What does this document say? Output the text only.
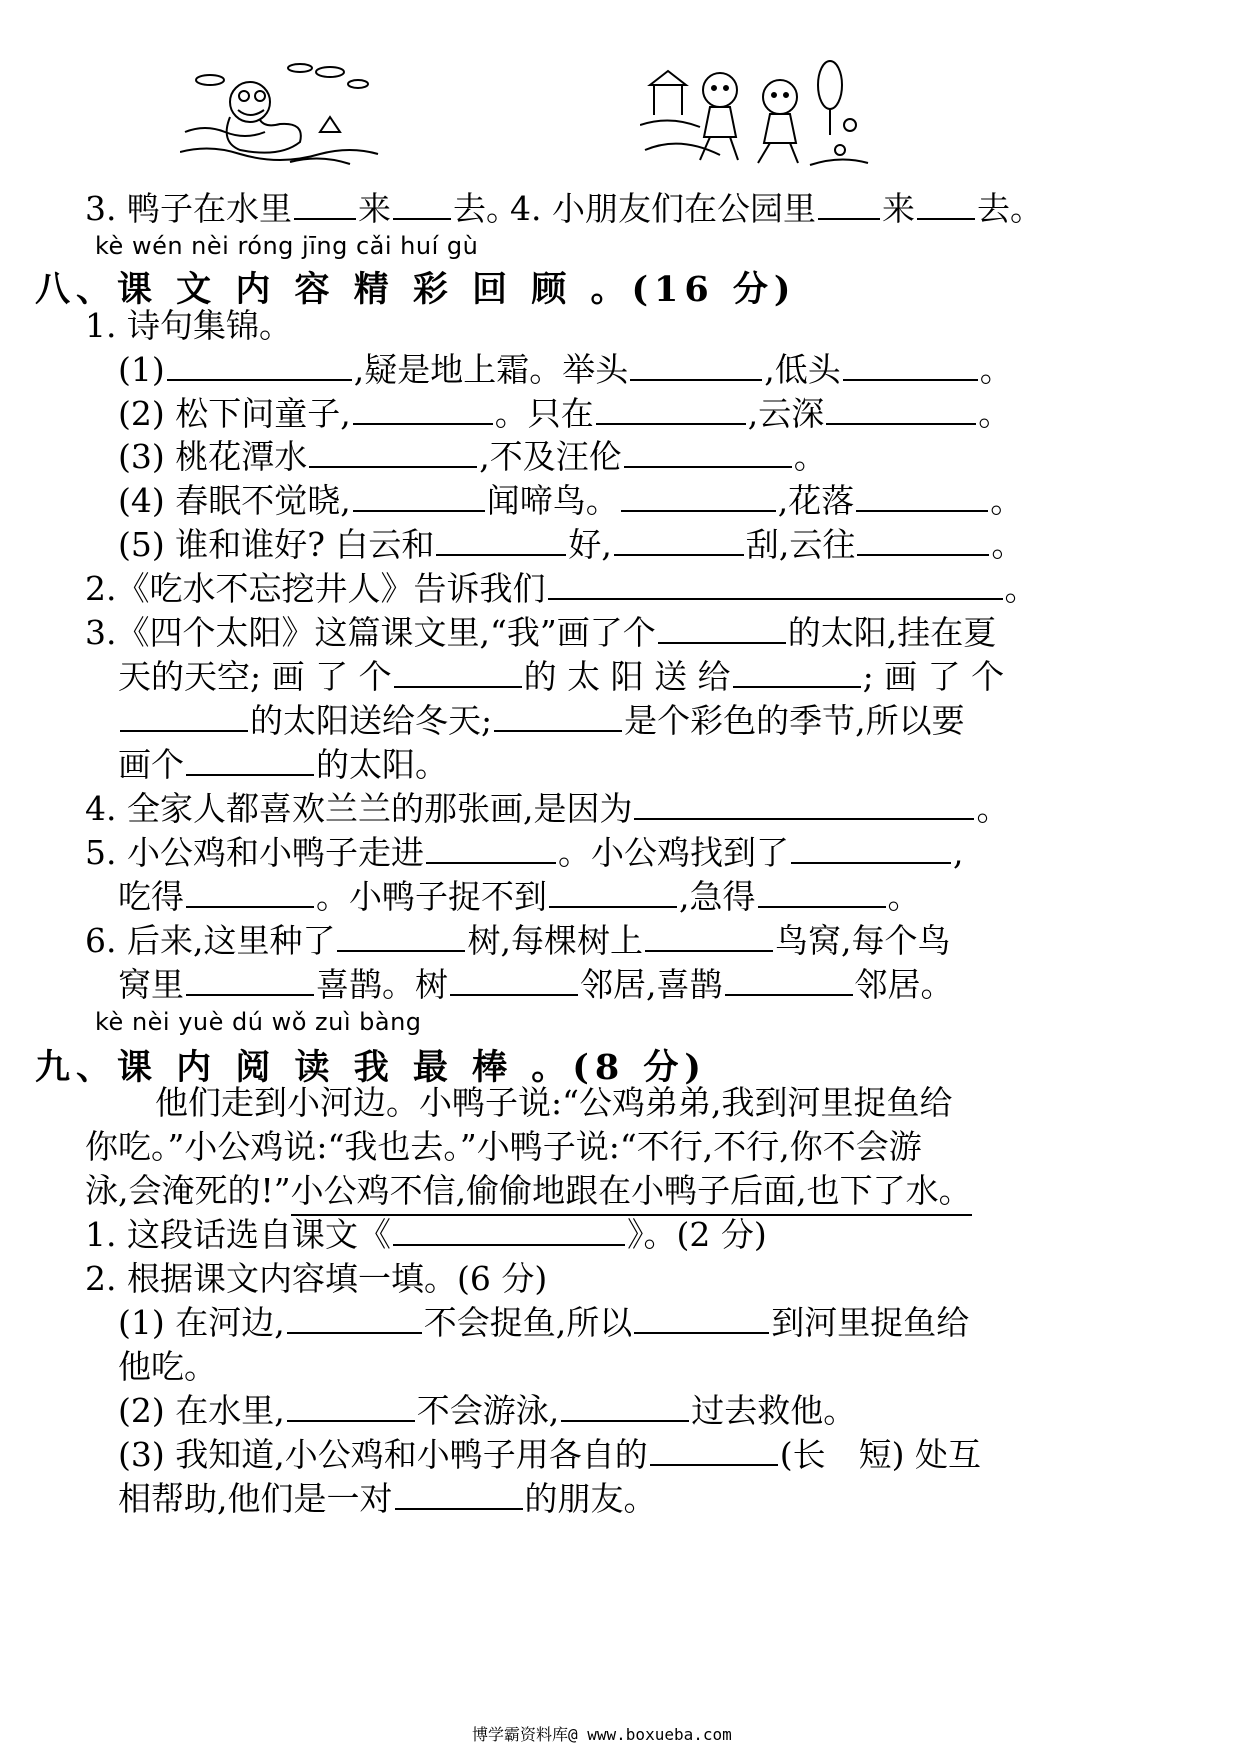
3. 鸭子在水里 来 去。
4. 小朋友们在公园里 来 去。
kè wén nèi róng jīng cǎi huí gù
八、课 文 内 容 精 彩 回 顾 。(16 分)
1. 诗句集锦。
(1)	,疑是地上霜。举头	,低头	。
(2) 松下问童子,	。只在	,云深	。
(3) 桃花潭水	,不及汪伦	。
(4) 春眠不觉晓,	闻啼鸟。	,花落	。
(5) 谁和谁好? 白云和	好,	刮,云往	。
2.《吃水不忘挖井人》告诉我们	。
3.《四个太阳》这篇课文里,“我”画了个	的太阳,挂在夏
天的天空; 画 了 个	的 太 阳 送 给	; 画 了 个
的太阳送给冬天;	是个彩色的季节,所以要
画个	的太阳。
4. 全家人都喜欢兰兰的那张画,是因为	。
5. 小公鸡和小鸭子走进	。小公鸡找到了	,
吃得	。小鸭子捉不到	,急得	。
6. 后来,这里种了	树,每棵树上	鸟窝,每个鸟
窝里	喜鹊。树	邻居,喜鹊	邻居。
kè nèi yuè dú wǒ zuì bàng
九、课 内 阅 读 我 最 棒 。(8 分)
他们走到小河边。小鸭子说:“公鸡弟弟,我到河里捉鱼给
你吃。”小公鸡说:“我也去。”小鸭子说:“不行,不行,你不会游
泳,会淹死的!”小公鸡不信,偷偷地跟在小鸭子后面,也下了水。
1. 这段话选自课文《	》。(2 分)
2. 根据课文内容填一填。(6 分)
(1) 在河边,	不会捉鱼,所以	到河里捉鱼给
他吃。
(2) 在水里,	不会游泳,	过去救他。
(3) 我知道,小公鸡和小鸭子用各自的	(长　短) 处互
相帮助,他们是一对	的朋友。
博学霸资料库@ www.boxueba.com
